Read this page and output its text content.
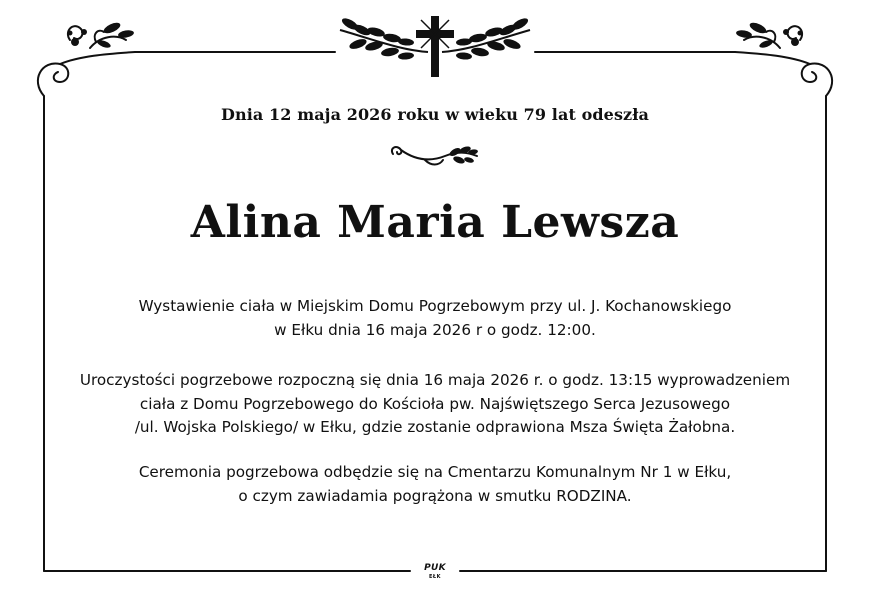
Dnia 12 maja 2026 roku w wieku 79 lat odeszła
Alina Maria Lewsza
Wystawienie ciała w Miejskim Domu Pogrzebowym przy ul. J. Kochanowskiego
w Ełku dnia 16 maja 2026 r o godz. 12:00.
Uroczystości pogrzebowe rozpoczną się dnia 16 maja 2026 r. o godz. 13:15 wyprowadzeniem
ciała z Domu Pogrzebowego do Kościoła pw. Najświętszego Serca Jezusowego
/ul. Wojska Polskiego/ w Ełku, gdzie zostanie odprawiona Msza Święta Żałobna.
Ceremonia pogrzebowa odbędzie się na Cmentarzu Komunalnym Nr 1 w Ełku,
o czym zawiadamia pogrążona w smutku RODZINA.
PUK
EŁK
